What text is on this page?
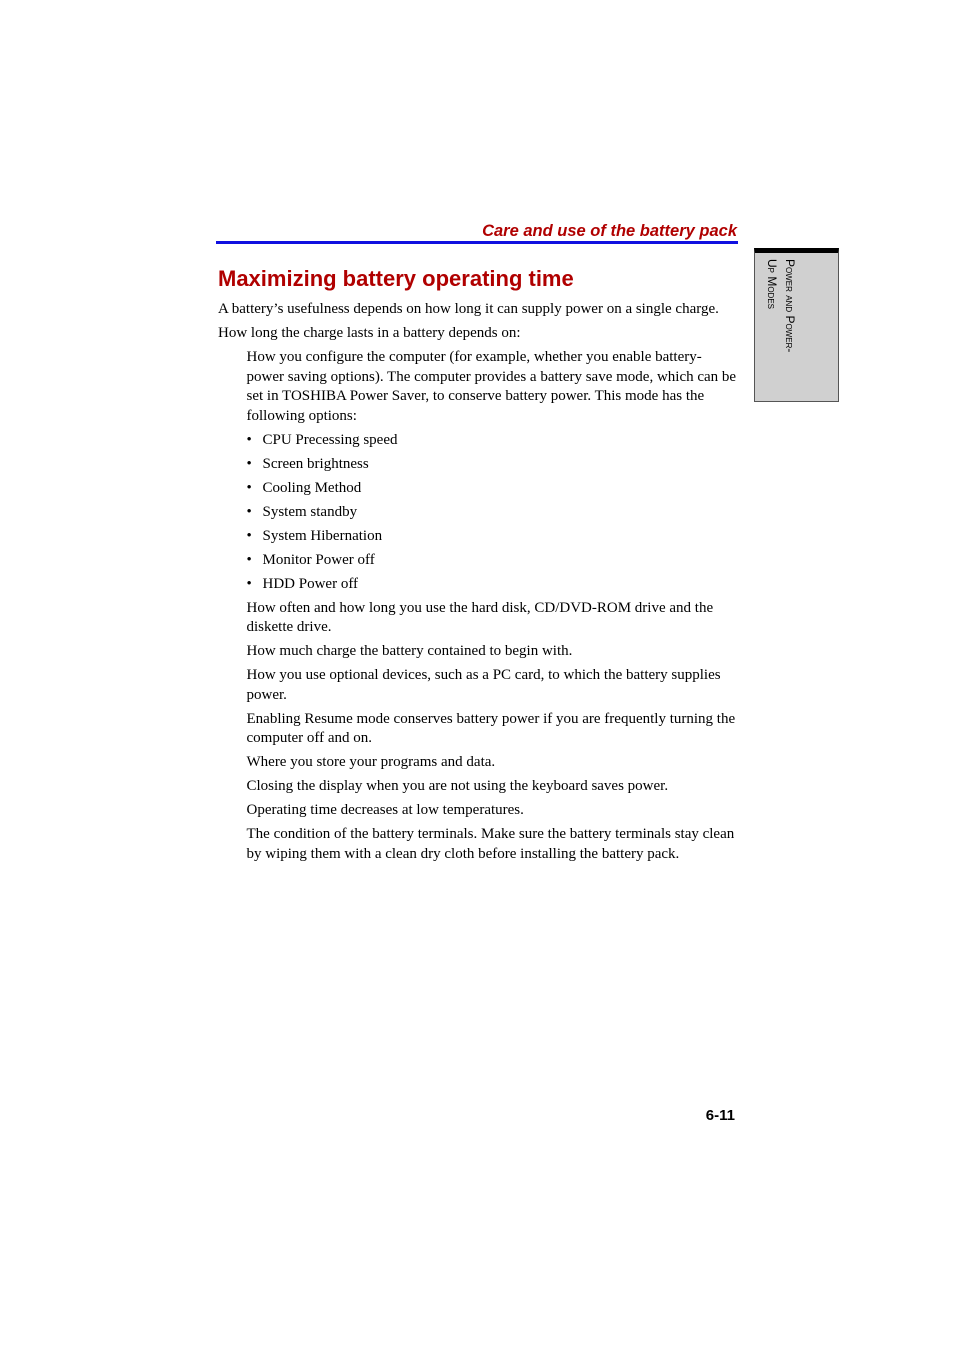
Care and use of the battery pack
Power and Power-
Up Modes
Maximizing battery operating time

A battery’s usefulness depends on how long it can supply power on a single charge.

How long the charge lasts in a battery depends on:

How you configure the computer (for example, whether you enable battery-power saving options). The computer provides a battery save mode, which can be set in TOSHIBA Power Saver, to conserve battery power. This mode has the following options:

• CPU Precessing speed
• Screen brightness
• Cooling Method
• System standby
• System Hibernation
• Monitor Power off
• HDD Power off

How often and how long you use the hard disk, CD/DVD-ROM drive and the diskette drive.

How much charge the battery contained to begin with.

How you use optional devices, such as a PC card, to which the battery supplies power.

Enabling Resume mode conserves battery power if you are frequently turning the computer off and on.

Where you store your programs and data.

Closing the display when you are not using the keyboard saves power.

Operating time decreases at low temperatures.

The condition of the battery terminals. Make sure the battery terminals stay clean by wiping them with a clean dry cloth before installing the battery pack.

6-11
